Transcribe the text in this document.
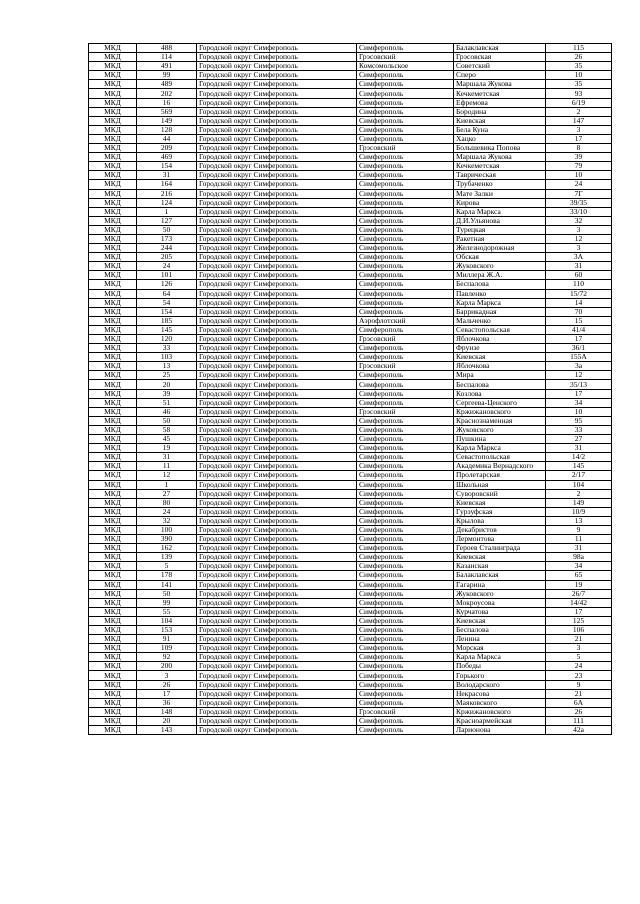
МКД	488	Городской округ Симферополь	Симферополь	Балаклавская	115
МКД	114	Городской округ Симферополь	Грэсовский	Грэсовская	26
МКД	491	Городской округ Симферополь	Комсомольское	Советский	35
МКД	99	Городской округ Симферополь	Симферополь	Сперо	10
МКД	489	Городской округ Симферополь	Симферополь	Маршала Жукова	35
МКД	202	Городской округ Симферополь	Симферополь	Кечкеметская	93
МКД	16	Городской округ Симферополь	Симферополь	Ефремова	6/19
МКД	569	Городской округ Симферополь	Симферополь	Бородина	2
МКД	149	Городской округ Симферополь	Симферополь	Киевская	147
МКД	128	Городской округ Симферополь	Симферополь	Бела Куна	3
МКД	44	Городской округ Симферополь	Симферополь	Хацко	17
МКД	209	Городской округ Симферополь	Грэсовский	Большевика Попова	8
МКД	469	Городской округ Симферополь	Симферополь	Маршала Жукова	39
МКД	154	Городской округ Симферополь	Симферополь	Кечкеметская	79
МКД	31	Городской округ Симферополь	Симферополь	Таврическая	10
МКД	164	Городской округ Симферополь	Симферополь	Трубаченко	24
МКД	216	Городской округ Симферополь	Симферополь	Мате Залки	7Г
МКД	124	Городской округ Симферополь	Симферополь	Кирова	39/35
МКД	1	Городской округ Симферополь	Симферополь	Карла Маркса	33/10
МКД	127	Городской округ Симферополь	Симферополь	Д.И.Ульянова	32
МКД	50	Городской округ Симферополь	Симферополь	Турецкая	3
МКД	173	Городской округ Симферополь	Симферополь	Ракетная	12
МКД	244	Городской округ Симферополь	Симферополь	Железнодорожная	3
МКД	205	Городской округ Симферополь	Симферополь	Обская	3А
МКД	24	Городской округ Симферополь	Симферополь	Жуковского	31
МКД	101	Городской округ Симферополь	Симферополь	Миллера Ж.А.	60
МКД	126	Городской округ Симферополь	Симферополь	Беспалова	110
МКД	64	Городской округ Симферополь	Симферополь	Павленко	15/72
МКД	54	Городской округ Симферополь	Симферополь	Карла Маркса	14
МКД	154	Городской округ Симферополь	Симферополь	Баррикадная	70
МКД	185	Городской округ Симферополь	Аэрофлотский	Мальченко	15
МКД	145	Городской округ Симферополь	Симферополь	Севастопольская	41/4
МКД	120	Городской округ Симферополь	Грэсовский	Яблочкова	17
МКД	33	Городской округ Симферополь	Симферополь	Фрунзе	36/1
МКД	103	Городской округ Симферополь	Симферополь	Киевская	155А
МКД	13	Городской округ Симферополь	Грэсовский	Яблочкова	3а
МКД	25	Городской округ Симферополь	Симферополь	Мира	12
МКД	20	Городской округ Симферополь	Симферополь	Беспалова	35/13
МКД	39	Городской округ Симферополь	Симферополь	Козлова	17
МКД	51	Городской округ Симферополь	Симферополь	Сергеева-Ценского	34
МКД	46	Городской округ Симферополь	Грэсовский	Кржижановского	10
МКД	50	Городской округ Симферополь	Симферополь	Краснознаменная	95
МКД	58	Городской округ Симферополь	Симферополь	Жуковского	33
МКД	45	Городской округ Симферополь	Симферополь	Пушкина	27
МКД	19	Городской округ Симферополь	Симферополь	Карла Маркса	31
МКД	31	Городской округ Симферополь	Симферополь	Севастопольская	14/2
МКД	11	Городской округ Симферополь	Симферополь	Академика Вернадского	145
МКД	12	Городской округ Симферополь	Симферополь	Пролетарская	2/17
МКД	1	Городской округ Симферополь	Симферополь	Школьная	104
МКД	27	Городской округ Симферополь	Симферополь	Суворовский	2
МКД	80	Городской округ Симферополь	Симферополь	Киевская	149
МКД	24	Городской округ Симферополь	Симферополь	Гурзуфская	10/9
МКД	32	Городской округ Симферополь	Симферополь	Крылова	13
МКД	100	Городской округ Симферополь	Симферополь	Декабристов	9
МКД	390	Городской округ Симферополь	Симферополь	Лермонтова	11
МКД	162	Городской округ Симферополь	Симферополь	Героев Сталинграда	31
МКД	139	Городской округ Симферополь	Симферополь	Киевская	98а
МКД	5	Городской округ Симферополь	Симферополь	Казанская	34
МКД	178	Городской округ Симферополь	Симферополь	Балаклавская	65
МКД	141	Городской округ Симферополь	Симферополь	Гагарина	19
МКД	50	Городской округ Симферополь	Симферополь	Жуковского	26/7
МКД	99	Городской округ Симферополь	Симферополь	Мокроусова	14/42
МКД	55	Городской округ Симферополь	Симферополь	Курчатова	17
МКД	104	Городской округ Симферополь	Симферополь	Киевская	125
МКД	153	Городской округ Симферополь	Симферополь	Беспалова	106
МКД	91	Городской округ Симферополь	Симферополь	Ленина	21
МКД	109	Городской округ Симферополь	Симферополь	Морская	3
МКД	92	Городской округ Симферополь	Симферополь	Карла Маркса	5
МКД	200	Городской округ Симферополь	Симферополь	Победы	24
МКД	3	Городской округ Симферополь	Симферополь	Горького	23
МКД	26	Городской округ Симферополь	Симферополь	Володарского	9
МКД	17	Городской округ Симферополь	Симферополь	Некрасова	21
МКД	36	Городской округ Симферополь	Симферополь	Маяковского	6А
МКД	148	Городской округ Симферополь	Грэсовский	Кржижановского	26
МКД	20	Городской округ Симферополь	Симферополь	Красноармейская	111
МКД	143	Городской округ Симферополь	Симферополь	Ларионова	42а
